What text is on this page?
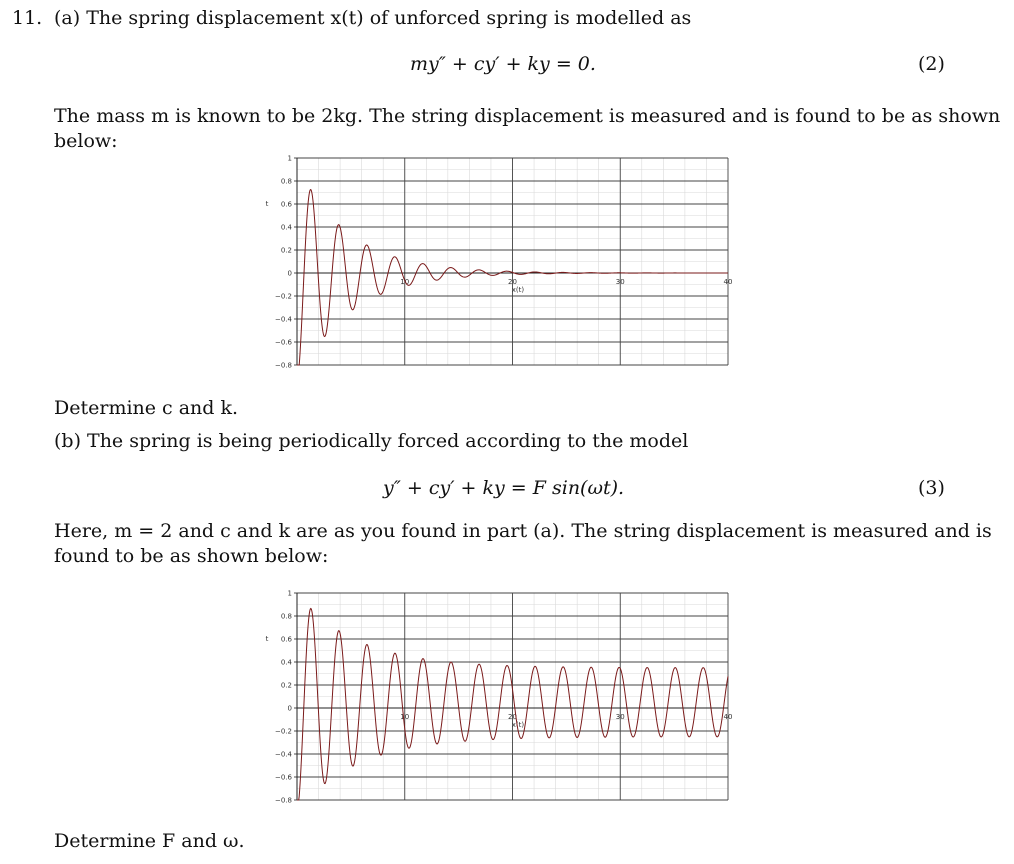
11. (a) The spring displacement x(t) of unforced spring is modelled as
my″ + cy′ + ky = 0.	(2)
The mass m is known to be 2kg. The string displacement is measured and is found to be as shown
below:
1
0.8
0.6
0.4
0.2
0
−0.2
−0.4
−0.6
−0.8
10	20	30	40
t
x(t)
Determine c and k.
(b) The spring is being periodically forced according to the model
y″ + cy′ + ky = F sin(ωt).	(3)
Here, m = 2 and c and k are as you found in part (a). The string displacement is measured and is
found to be as shown below:
1
0.8
0.6
0.4
0.2
0
−0.2
−0.4
−0.6
−0.8
10	20	30	40
t
x(t)
Determine F and ω.
